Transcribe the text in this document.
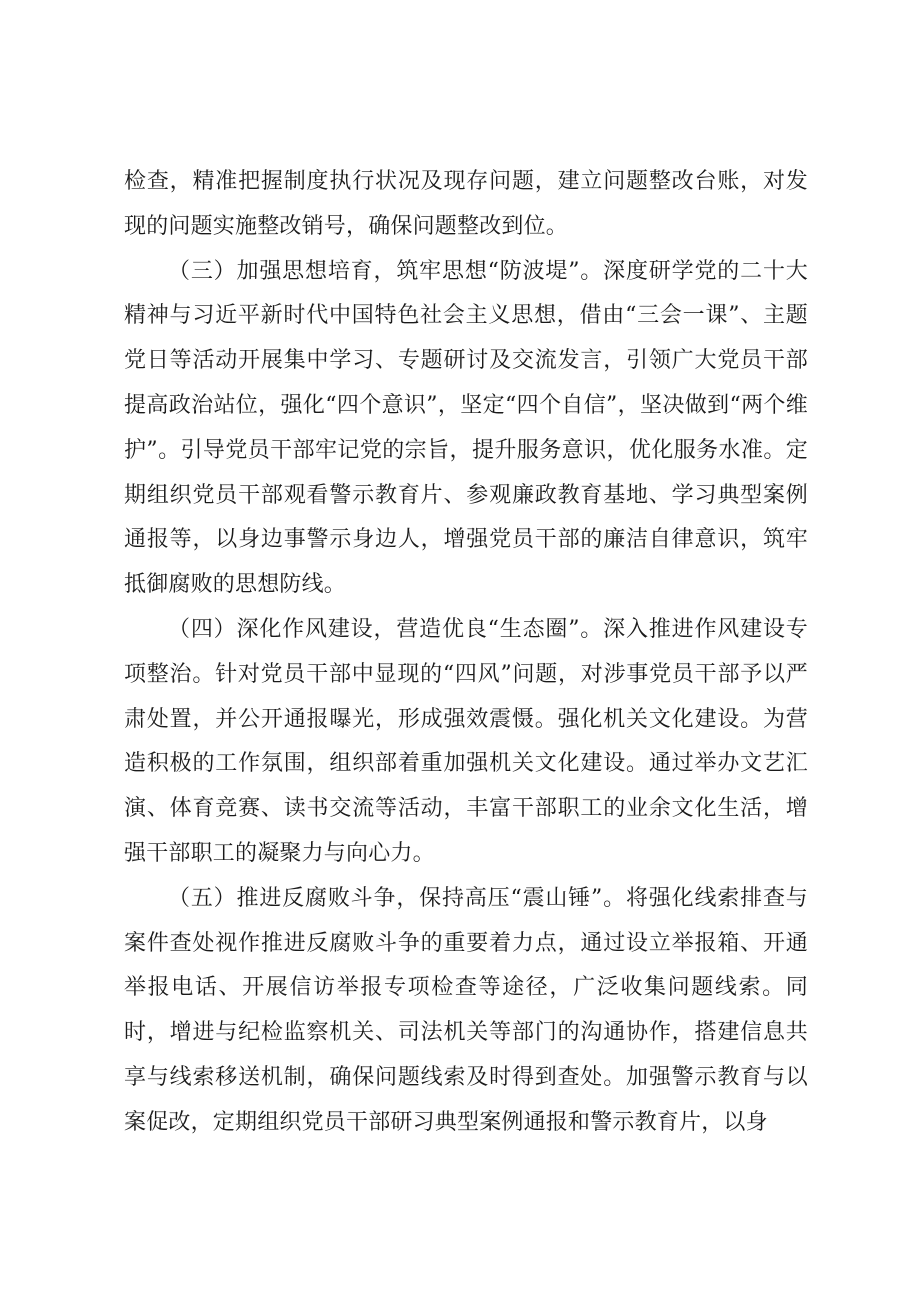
检查，精准把握制度执行状况及现存问题，建立问题整改台账，对发现的问题实施整改销号，确保问题整改到位。

（三）加强思想培育，筑牢思想“防波堤”。深度研学党的二十大精神与习近平新时代中国特色社会主义思想，借由“三会一课”、主题党日等活动开展集中学习、专题研讨及交流发言，引领广大党员干部提高政治站位，强化“四个意识”，坚定“四个自信”，坚决做到“两个维护”。引导党员干部牢记党的宗旨，提升服务意识，优化服务水准。定期组织党员干部观看警示教育片、参观廉政教育基地、学习典型案例通报等，以身边事警示身边人，增强党员干部的廉洁自律意识，筑牢抵御腐败的思想防线。

（四）深化作风建设，营造优良“生态圈”。深入推进作风建设专项整治。针对党员干部中显现的“四风”问题，对涉事党员干部予以严肃处置，并公开通报曝光，形成强效震慑。强化机关文化建设。为营造积极的工作氛围，组织部着重加强机关文化建设。通过举办文艺汇演、体育竞赛、读书交流等活动，丰富干部职工的业余文化生活，增强干部职工的凝聚力与向心力。

（五）推进反腐败斗争，保持高压“震山锤”。将强化线索排查与案件查处视作推进反腐败斗争的重要着力点，通过设立举报箱、开通举报电话、开展信访举报专项检查等途径，广泛收集问题线索。同时，增进与纪检监察机关、司法机关等部门的沟通协作，搭建信息共享与线索移送机制，确保问题线索及时得到查处。加强警示教育与以案促改，定期组织党员干部研习典型案例通报和警示教育片，以身
